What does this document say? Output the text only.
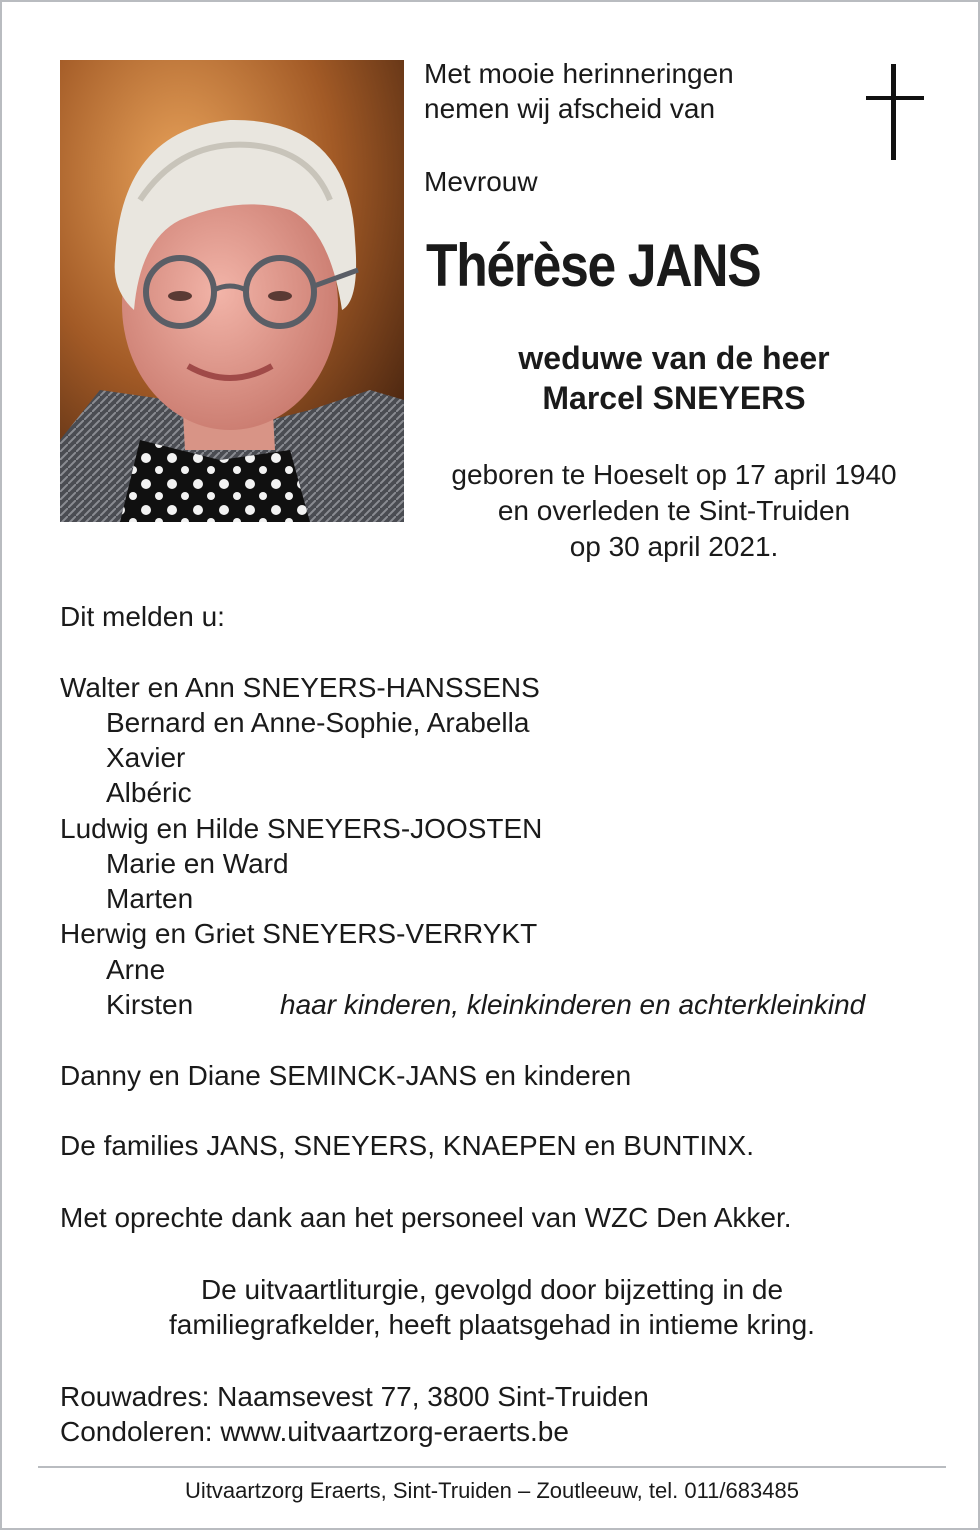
Met mooie herinneringen
nemen wij afscheid van
Mevrouw
Thérèse JANS
weduwe van de heer
Marcel SNEYERS
geboren te Hoeselt op 17 april 1940
en overleden te Sint-Truiden
op 30 april 2021.
Dit melden u:
Walter en Ann SNEYERS-HANSSENS
Bernard en Anne-Sophie, Arabella
Xavier
Albéric
Ludwig en Hilde SNEYERS-JOOSTEN
Marie en Ward
Marten
Herwig en Griet SNEYERS-VERRYKT
Arne
Kirsten	haar kinderen, kleinkinderen en achterkleinkind
Danny en Diane SEMINCK-JANS en kinderen
De families JANS, SNEYERS, KNAEPEN en BUNTINX.
Met oprechte dank aan het personeel van WZC Den Akker.
De uitvaartliturgie, gevolgd door bijzetting in de
familiegrafkelder, heeft plaatsgehad in intieme kring.
Rouwadres: Naamsevest 77, 3800 Sint-Truiden
Condoleren: www.uitvaartzorg-eraerts.be
Uitvaartzorg Eraerts, Sint-Truiden – Zoutleeuw, tel. 011/683485
